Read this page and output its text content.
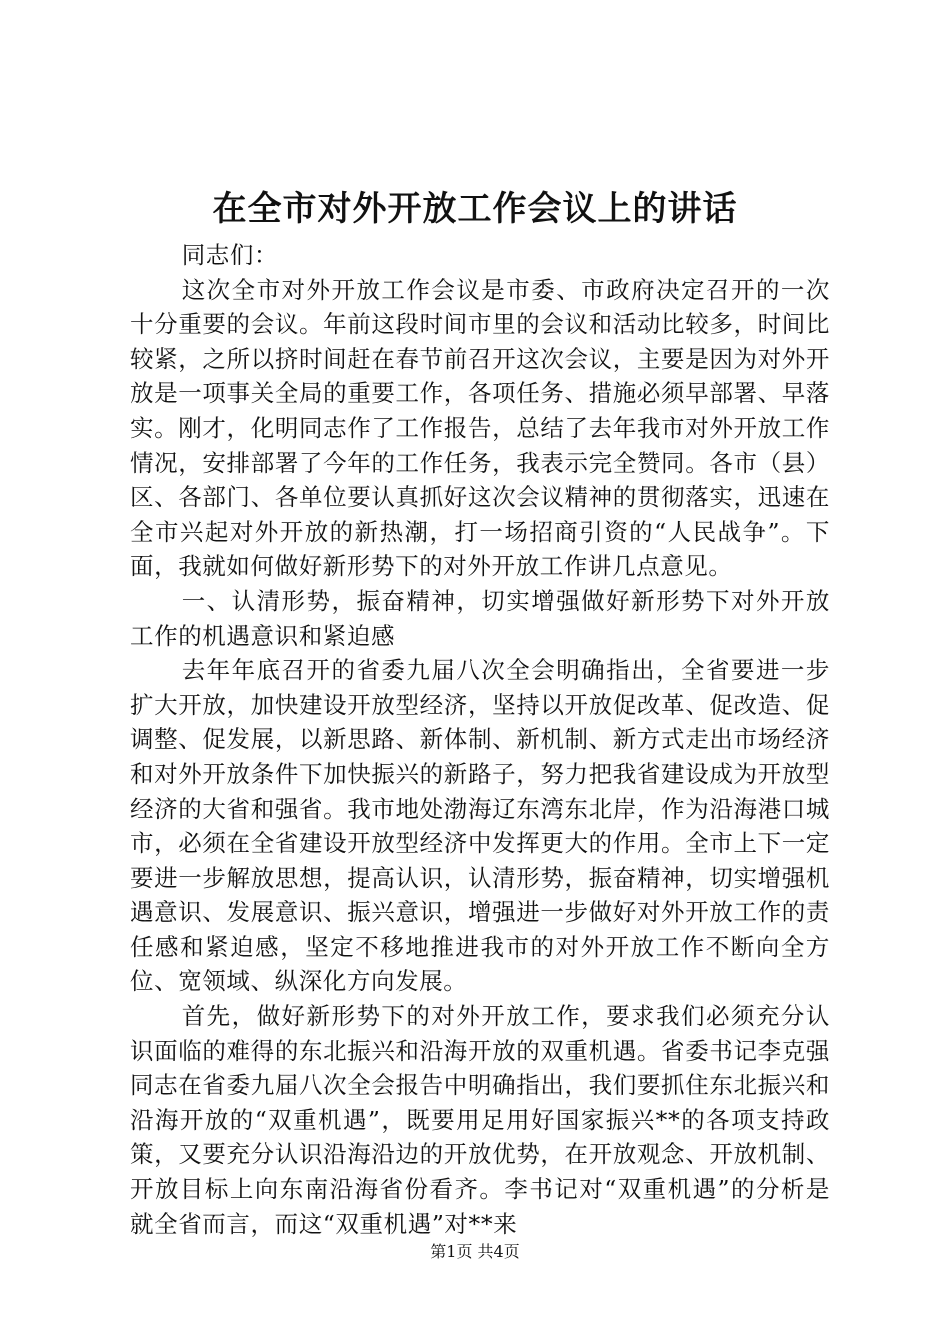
在全市对外开放工作会议上的讲话

同志们：

这次全市对外开放工作会议是市委、市政府决定召开的一次十分重要的会议。年前这段时间市里的会议和活动比较多，时间比较紧，之所以挤时间赶在春节前召开这次会议，主要是因为对外开放是一项事关全局的重要工作，各项任务、措施必须早部署、早落实。刚才，化明同志作了工作报告，总结了去年我市对外开放工作情况，安排部署了今年的工作任务，我表示完全赞同。各市（县）区、各部门、各单位要认真抓好这次会议精神的贯彻落实，迅速在全市兴起对外开放的新热潮，打一场招商引资的“人民战争”。下面，我就如何做好新形势下的对外开放工作讲几点意见。

一、认清形势，振奋精神，切实增强做好新形势下对外开放工作的机遇意识和紧迫感

去年年底召开的省委九届八次全会明确指出，全省要进一步扩大开放，加快建设开放型经济，坚持以开放促改革、促改造、促调整、促发展，以新思路、新体制、新机制、新方式走出市场经济和对外开放条件下加快振兴的新路子，努力把我省建设成为开放型经济的大省和强省。我市地处渤海辽东湾东北岸，作为沿海港口城市，必须在全省建设开放型经济中发挥更大的作用。全市上下一定要进一步解放思想，提高认识，认清形势，振奋精神，切实增强机遇意识、发展意识、振兴意识，增强进一步做好对外开放工作的责任感和紧迫感，坚定不移地推进我市的对外开放工作不断向全方位、宽领域、纵深化方向发展。

首先，做好新形势下的对外开放工作，要求我们必须充分认识面临的难得的东北振兴和沿海开放的双重机遇。省委书记李克强同志在省委九届八次全会报告中明确指出，我们要抓住东北振兴和沿海开放的“双重机遇”，既要用足用好国家振兴**的各项支持政策，又要充分认识沿海沿边的开放优势，在开放观念、开放机制、开放目标上向东南沿海省份看齐。李书记对“双重机遇”的分析是就全省而言，而这“双重机遇”对**来

第1页 共4页
